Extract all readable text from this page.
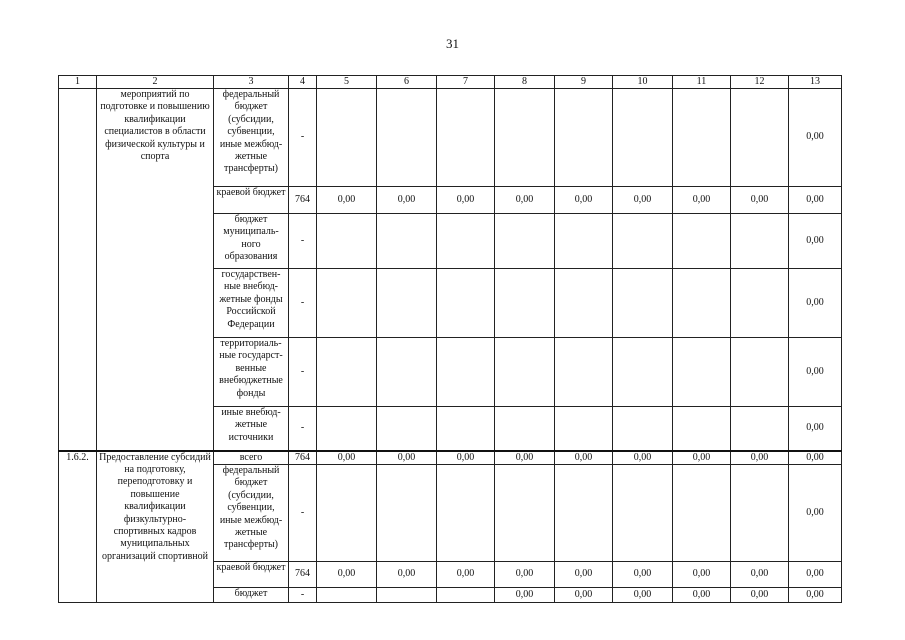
31
1	2	3	4	5	6	7	8	9	10	11	12	13
	мероприятий по подготовке и повышению квалификации специалистов в области физической культуры и спорта	федеральный бюджет (субсидии, субвенции, иные межбюд-жетные трансферты)	-									0,00
		краевой бюджет	764	0,00	0,00	0,00	0,00	0,00	0,00	0,00	0,00	0,00
		бюджет муниципаль-ного образования	-									0,00
		государствен-ные внебюд-жетные фонды Российской Федерации	-									0,00
		территориаль-ные государст-венные внебюджетные фонды	-									0,00
		иные внебюд-жетные источники	-									0,00
1.6.2.	Предоставление субсидий на подготовку, переподготовку и повышение квалификации физкультурно-спортивных кадров муниципальных организаций спортивной	всего	764	0,00	0,00	0,00	0,00	0,00	0,00	0,00	0,00	0,00
		федеральный бюджет (субсидии, субвенции, иные межбюд-жетные трансферты)	-									0,00
		краевой бюджет	764	0,00	0,00	0,00	0,00	0,00	0,00	0,00	0,00	0,00
		бюджет	-				0,00	0,00	0,00	0,00	0,00	0,00
